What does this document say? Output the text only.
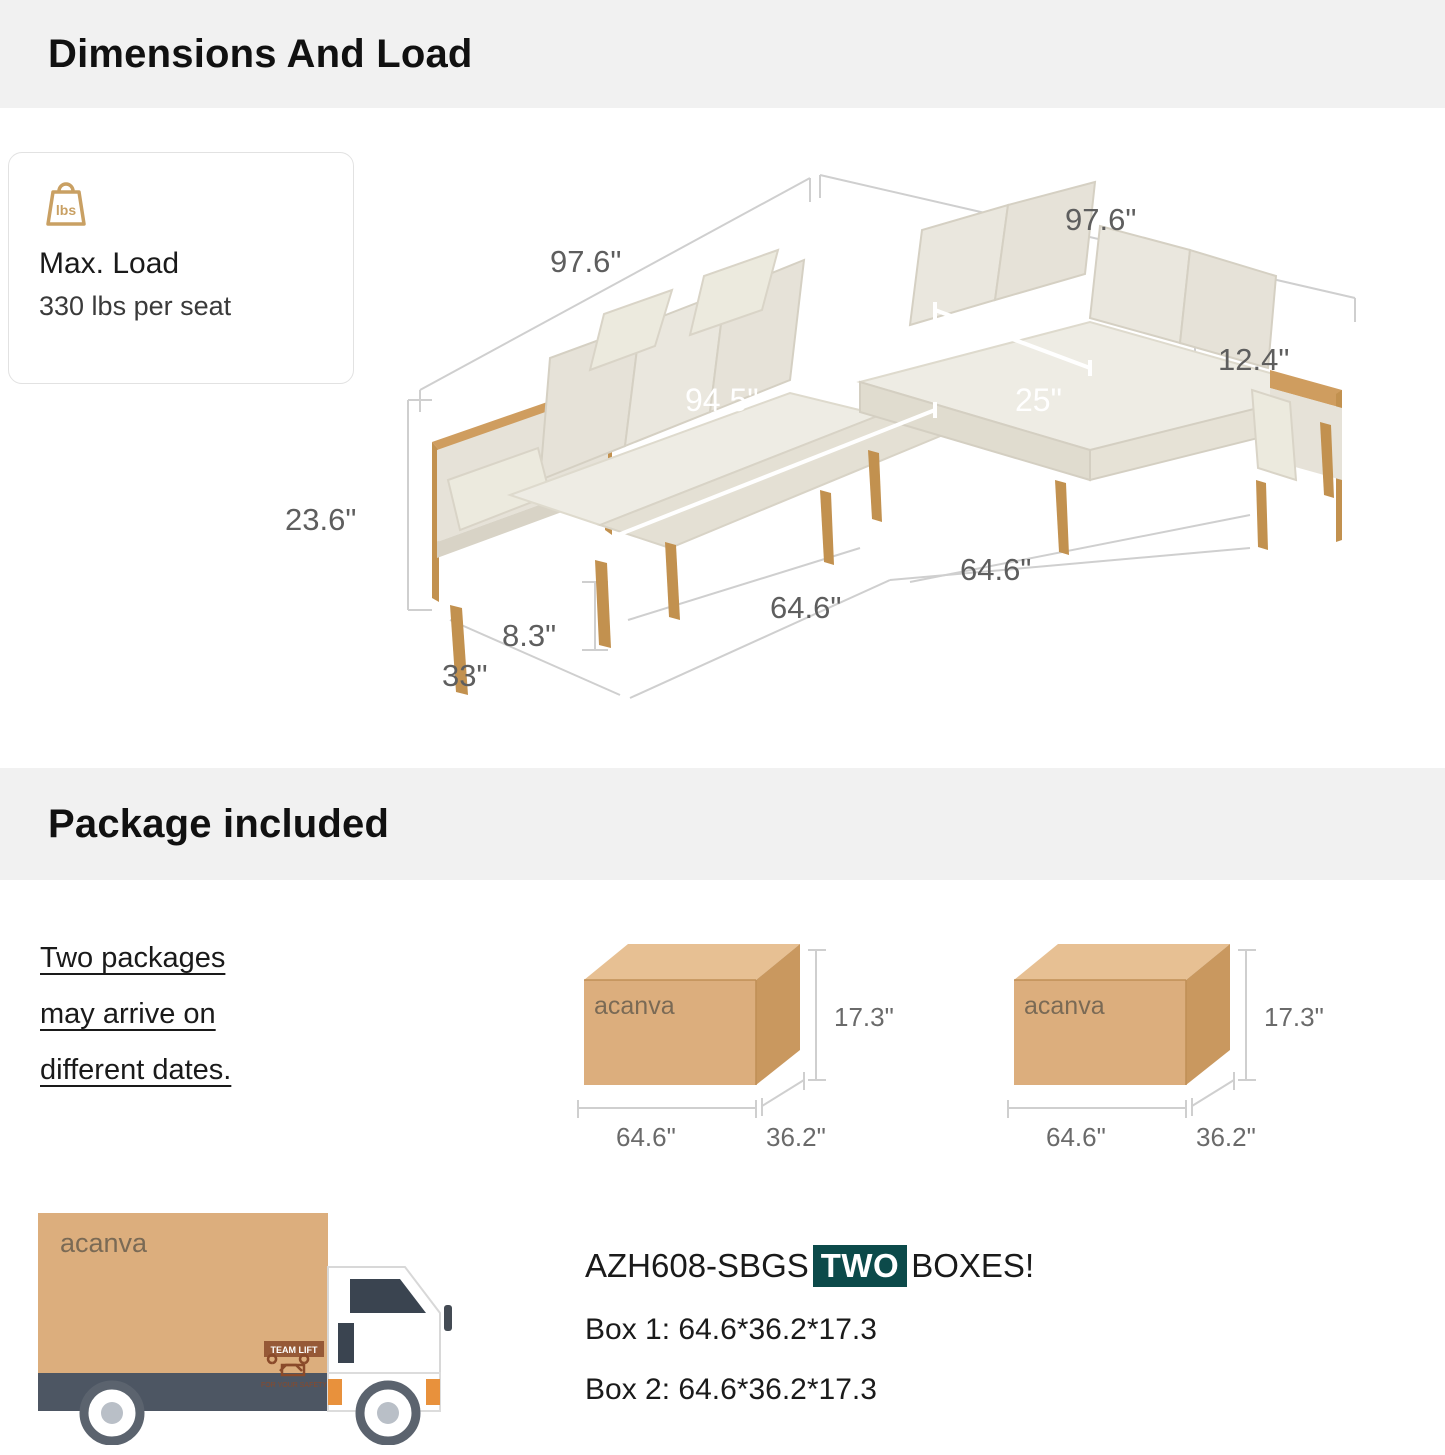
Dimensions And Load
lbs
Max. Load
330 lbs per seat
97.6"
97.6"
94.5"	25"
12.4"
23.6"
8.3"
33"
64.6"
64.6"
Package included
Two packages
may arrive on
different dates.
acanva	17.3"
64.6"	36.2"
acanva	17.3"
64.6"	36.2"
TEAM LIFT
FOR YOUR SAFETY
acanva
AZH608-SBGS TWO BOXES!
Box 1: 64.6*36.2*17.3
Box 2: 64.6*36.2*17.3
